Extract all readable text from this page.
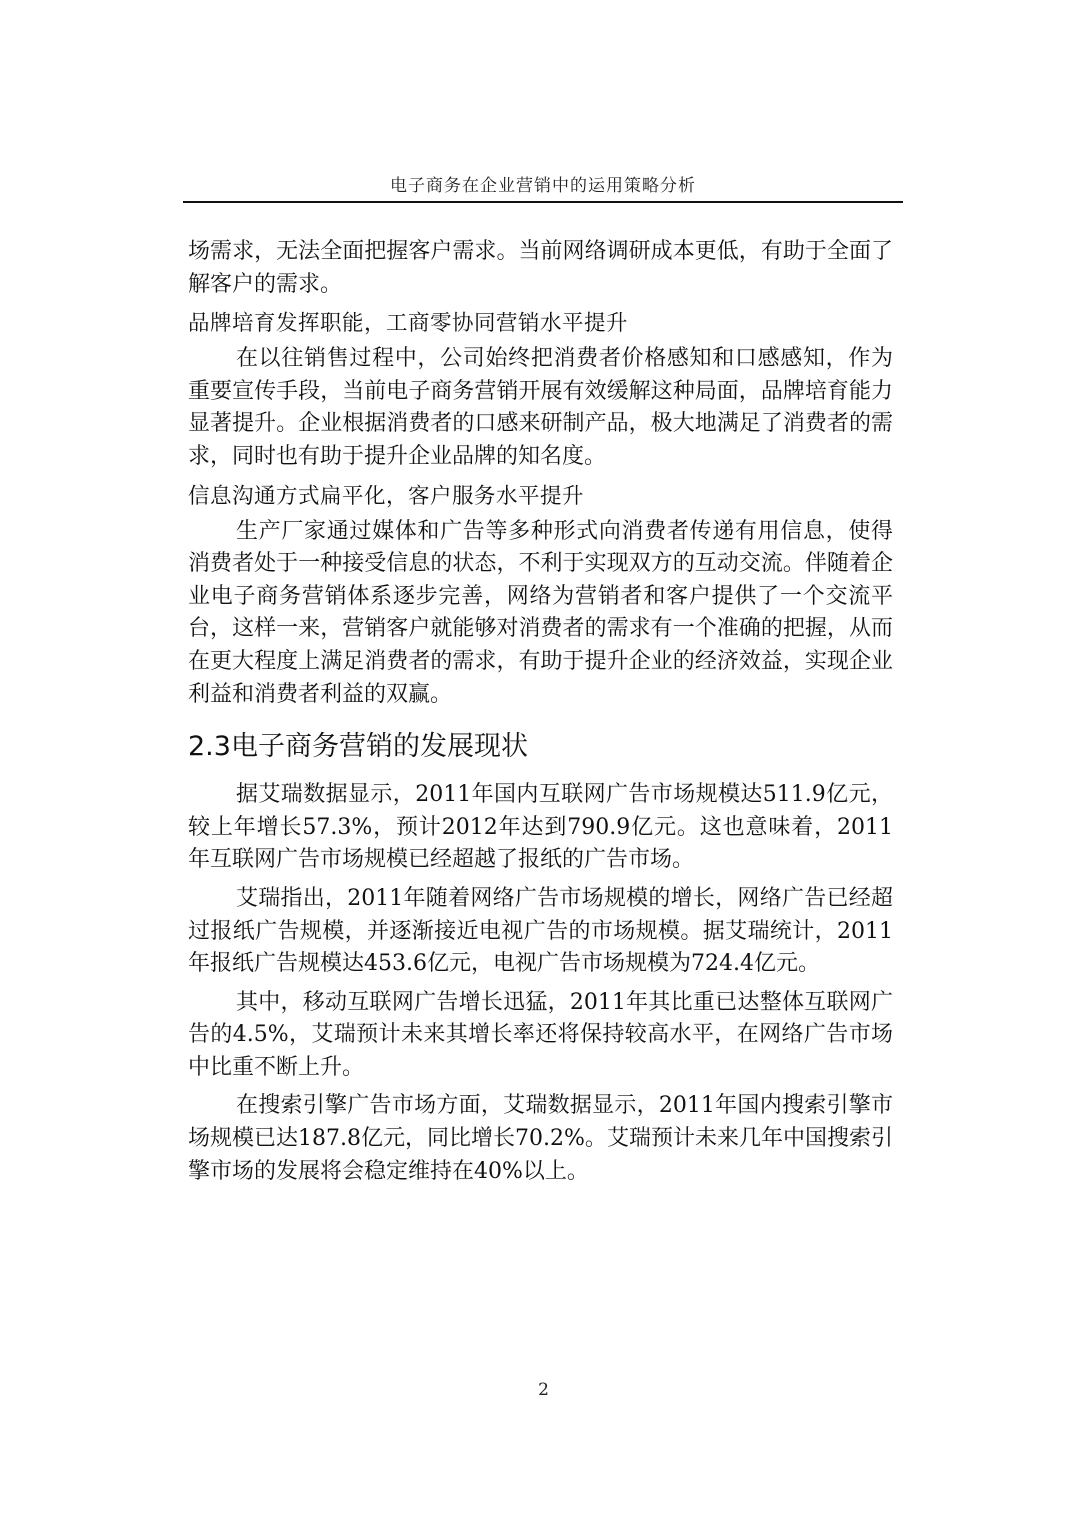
电子商务在企业营销中的运用策略分析

场需求，无法全面把握客户需求。当前网络调研成本更低，有助于全面了解客户的需求。

品牌培育发挥职能，工商零协同营销水平提升

在以往销售过程中，公司始终把消费者价格感知和口感感知，作为重要宣传手段，当前电子商务营销开展有效缓解这种局面，品牌培育能力显著提升。企业根据消费者的口感来研制产品，极大地满足了消费者的需求，同时也有助于提升企业品牌的知名度。

信息沟通方式扁平化，客户服务水平提升

生产厂家通过媒体和广告等多种形式向消费者传递有用信息，使得消费者处于一种接受信息的状态，不利于实现双方的互动交流。伴随着企业电子商务营销体系逐步完善，网络为营销者和客户提供了一个交流平台，这样一来，营销客户就能够对消费者的需求有一个准确的把握，从而在更大程度上满足消费者的需求，有助于提升企业的经济效益，实现企业利益和消费者利益的双赢。

2.3电子商务营销的发展现状

据艾瑞数据显示，2011年国内互联网广告市场规模达511.9亿元，较上年增长57.3%，预计2012年达到790.9亿元。这也意味着，2011年互联网广告市场规模已经超越了报纸的广告市场。

艾瑞指出，2011年随着网络广告市场规模的增长，网络广告已经超过报纸广告规模，并逐渐接近电视广告的市场规模。据艾瑞统计，2011年报纸广告规模达453.6亿元，电视广告市场规模为724.4亿元。

其中，移动互联网广告增长迅猛，2011年其比重已达整体互联网广告的4.5%，艾瑞预计未来其增长率还将保持较高水平，在网络广告市场中比重不断上升。

在搜索引擎广告市场方面，艾瑞数据显示，2011年国内搜索引擎市场规模已达187.8亿元，同比增长70.2%。艾瑞预计未来几年中国搜索引擎市场的发展将会稳定维持在40%以上。

2
